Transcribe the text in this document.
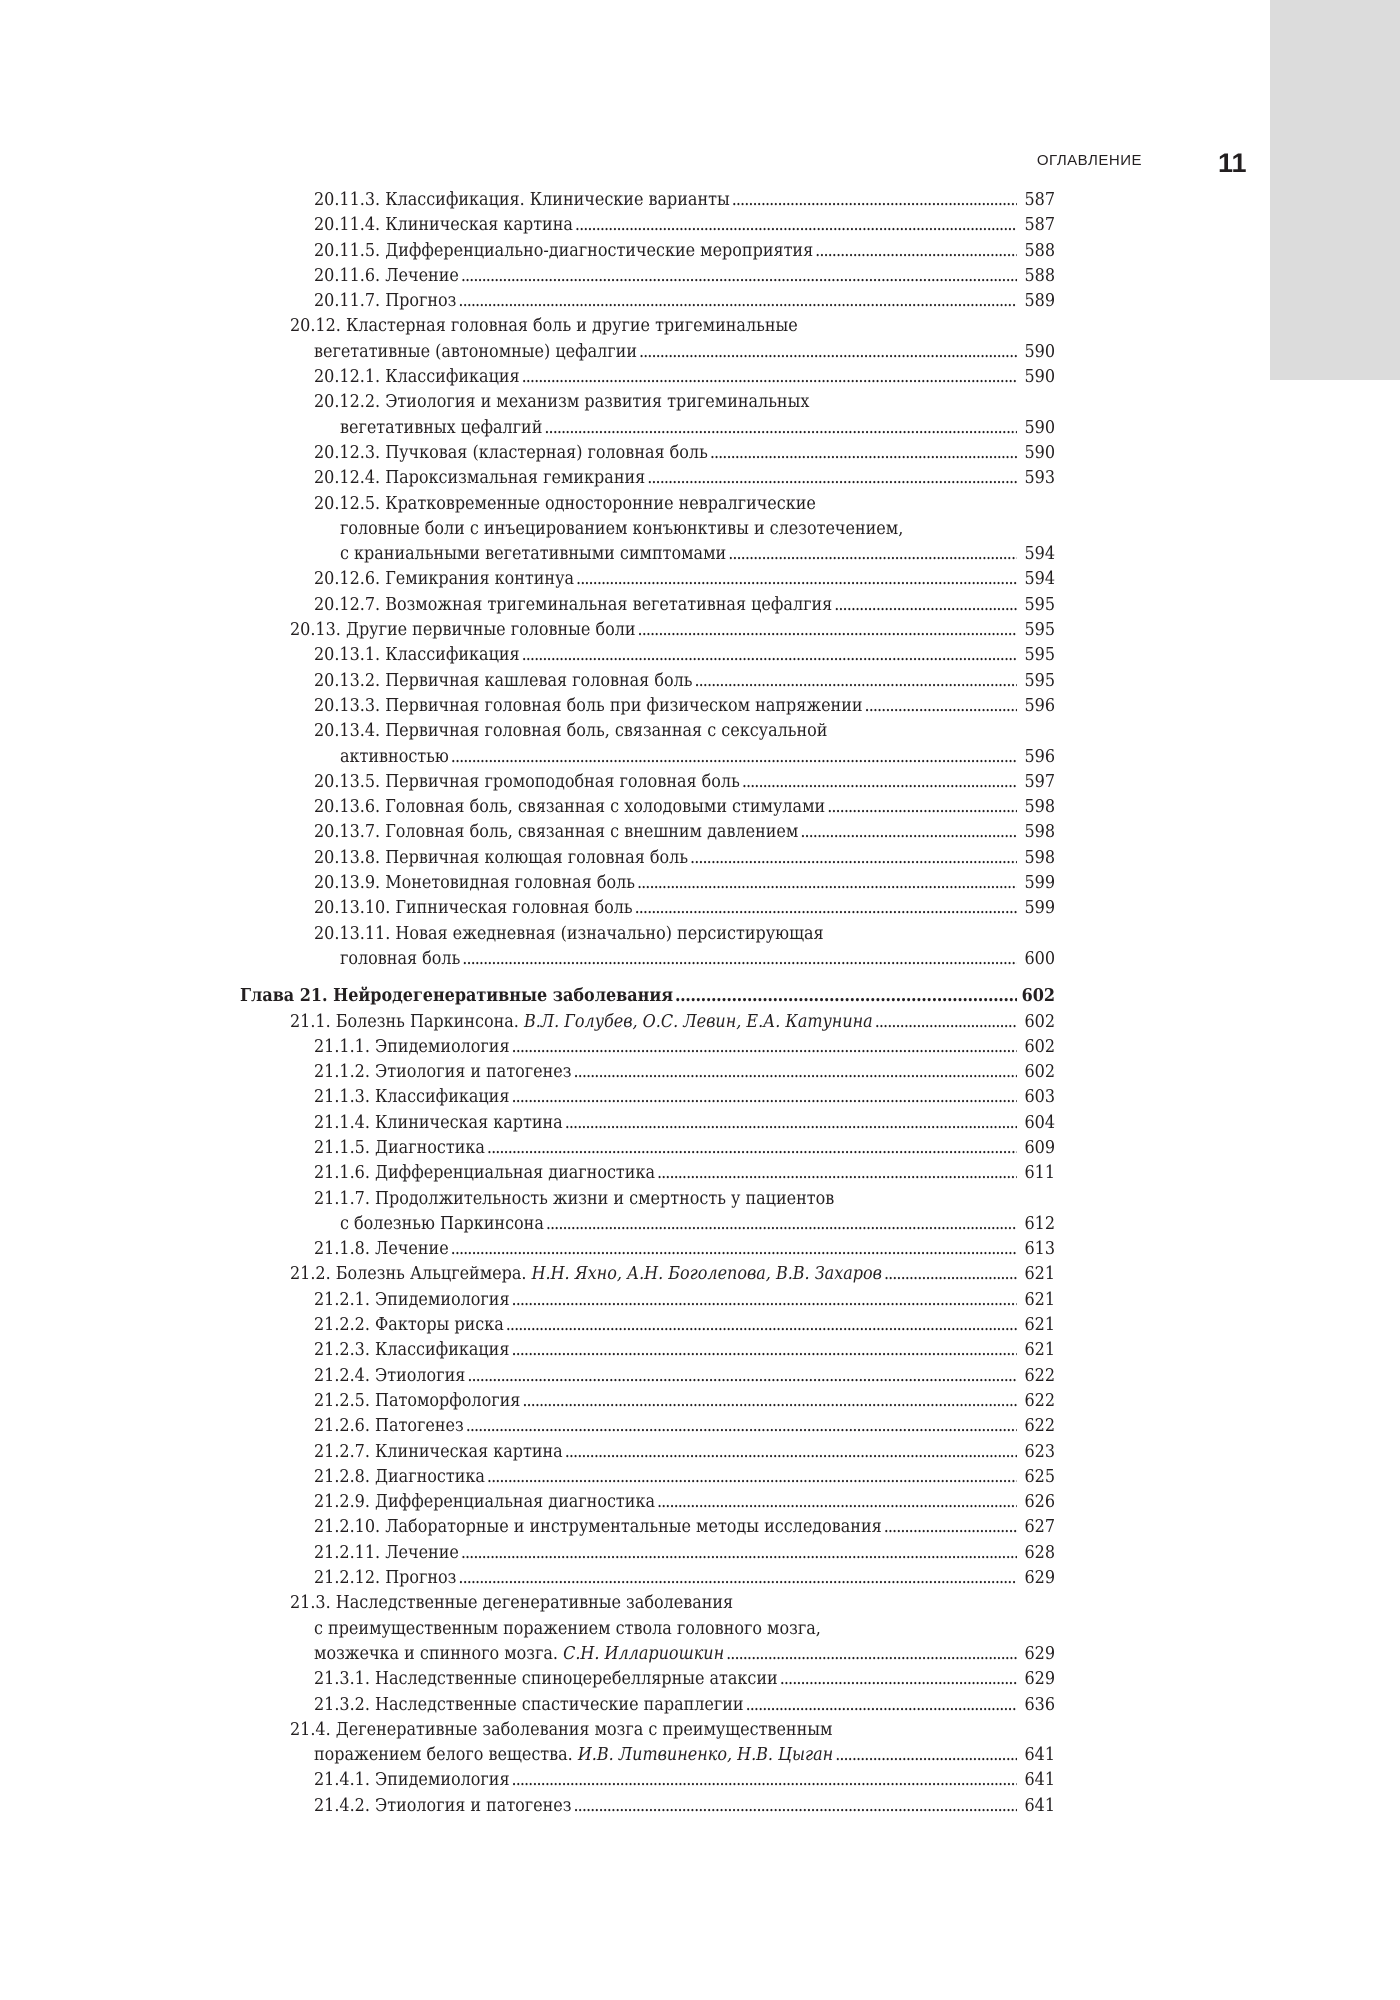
ОГЛАВЛЕНИЕ	11
20.11.3. Классификация. Клинические варианты . . .	587
20.11.4. Клиническая картина . . .	587
20.11.5. Дифференциально-диагностические мероприятия . . .	588
20.11.6. Лечение . . .	588
20.11.7. Прогноз . . .	589
20.12. Кластерная головная боль и другие тригеминальные
вегетативные (автономные) цефалгии . . .	590
20.12.1. Классификация . . .	590
20.12.2. Этиология и механизм развития тригеминальных
вегетативных цефалгий . . .	590
20.12.3. Пучковая (кластерная) головная боль . . .	590
20.12.4. Пароксизмальная гемикрания . . .	593
20.12.5. Кратковременные односторонние невралгические
головные боли с инъецированием конъюнктивы и слезотечением,
с краниальными вегетативными симптомами . . .	594
20.12.6. Гемикрания континуа . . .	594
20.12.7. Возможная тригеминальная вегетативная цефалгия . . .	595
20.13. Другие первичные головные боли . . .	595
20.13.1. Классификация . . .	595
20.13.2. Первичная кашлевая головная боль . . .	595
20.13.3. Первичная головная боль при физическом напряжении . . .	596
20.13.4. Первичная головная боль, связанная с сексуальной
активностью . . .	596
20.13.5. Первичная громоподобная головная боль . . .	597
20.13.6. Головная боль, связанная с холодовыми стимулами . . .	598
20.13.7. Головная боль, связанная с внешним давлением . . .	598
20.13.8. Первичная колющая головная боль . . .	598
20.13.9. Монетовидная головная боль . . .	599
20.13.10. Гипническая головная боль . . .	599
20.13.11. Новая ежедневная (изначально) персистирующая
головная боль . . .	600
Глава 21. Нейродегенеративные заболевания . . .	602
21.1. Болезнь Паркинсона. В.Л. Голубев, О.С. Левин, Е.А. Катунина . . .	602
21.1.1. Эпидемиология . . .	602
21.1.2. Этиология и патогенез . . .	602
21.1.3. Классификация . . .	603
21.1.4. Клиническая картина . . .	604
21.1.5. Диагностика . . .	609
21.1.6. Дифференциальная диагностика . . .	611
21.1.7. Продолжительность жизни и смертность у пациентов
с болезнью Паркинсона . . .	612
21.1.8. Лечение . . .	613
21.2. Болезнь Альцгеймера. Н.Н. Яхно, А.Н. Боголепова, В.В. Захаров . . .	621
21.2.1. Эпидемиология . . .	621
21.2.2. Факторы риска . . .	621
21.2.3. Классификация . . .	621
21.2.4. Этиология . . .	622
21.2.5. Патоморфология . . .	622
21.2.6. Патогенез . . .	622
21.2.7. Клиническая картина . . .	623
21.2.8. Диагностика . . .	625
21.2.9. Дифференциальная диагностика . . .	626
21.2.10. Лабораторные и инструментальные методы исследования . . .	627
21.2.11. Лечение . . .	628
21.2.12. Прогноз . . .	629
21.3. Наследственные дегенеративные заболевания
с преимущественным поражением ствола головного мозга,
мозжечка и спинного мозга. С.Н. Иллариошкин . . .	629
21.3.1. Наследственные спиноцеребеллярные атаксии . . .	629
21.3.2. Наследственные спастические параплегии . . .	636
21.4. Дегенеративные заболевания мозга с преимущественным
поражением белого вещества. И.В. Литвиненко, Н.В. Цыган . . .	641
21.4.1. Эпидемиология . . .	641
21.4.2. Этиология и патогенез . . .	641
